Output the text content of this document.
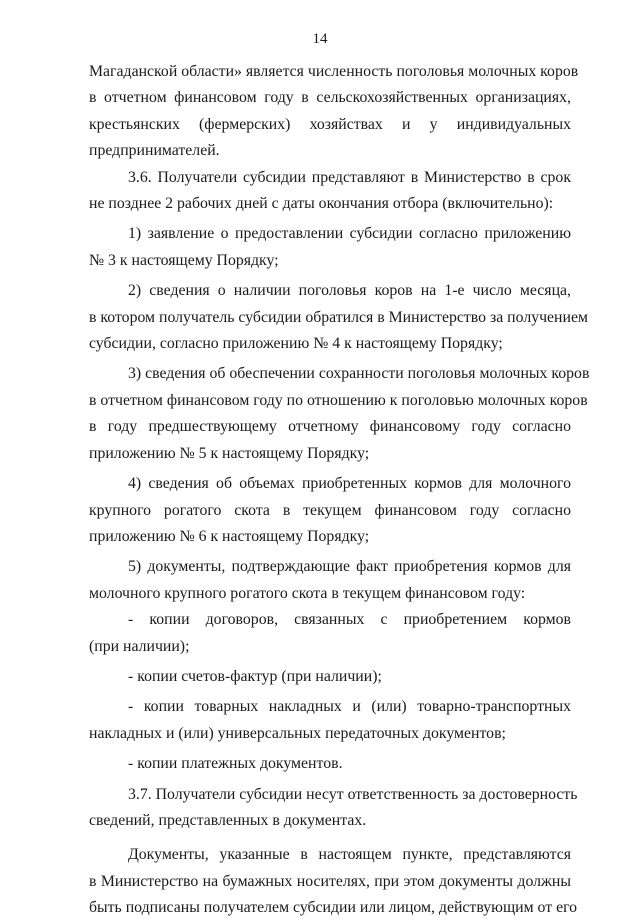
14

Магаданской области» является численность поголовья молочных коров
в отчетном финансовом году в сельскохозяйственных организациях,
крестьянских (фермерских) хозяйствах и у индивидуальных
предпринимателей.

3.6. Получатели субсидии представляют в Министерство в срок
не позднее 2 рабочих дней с даты окончания отбора (включительно):

1) заявление о предоставлении субсидии согласно приложению
№ 3 к настоящему Порядку;

2) сведения о наличии поголовья коров на 1-е число месяца,
в котором получатель субсидии обратился в Министерство за получением
субсидии, согласно приложению № 4 к настоящему Порядку;

3) сведения об обеспечении сохранности поголовья молочных коров
в отчетном финансовом году по отношению к поголовью молочных коров
в году предшествующему отчетному финансовому году согласно
приложению № 5 к настоящему Порядку;

4) сведения об объемах приобретенных кормов для молочного
крупного рогатого скота в текущем финансовом году согласно
приложению № 6 к настоящему Порядку;

5) документы, подтверждающие факт приобретения кормов для
молочного крупного рогатого скота в текущем финансовом году:

- копии договоров, связанных с приобретением кормов
(при наличии);

- копии счетов-фактур (при наличии);

- копии товарных накладных и (или) товарно-транспортных
накладных и (или) универсальных передаточных документов;

- копии платежных документов.

3.7. Получатели субсидии несут ответственность за достоверность
сведений, представленных в документах.

Документы, указанные в настоящем пункте, представляются
в Министерство на бумажных носителях, при этом документы должны
быть подписаны получателем субсидии или лицом, действующим от его
